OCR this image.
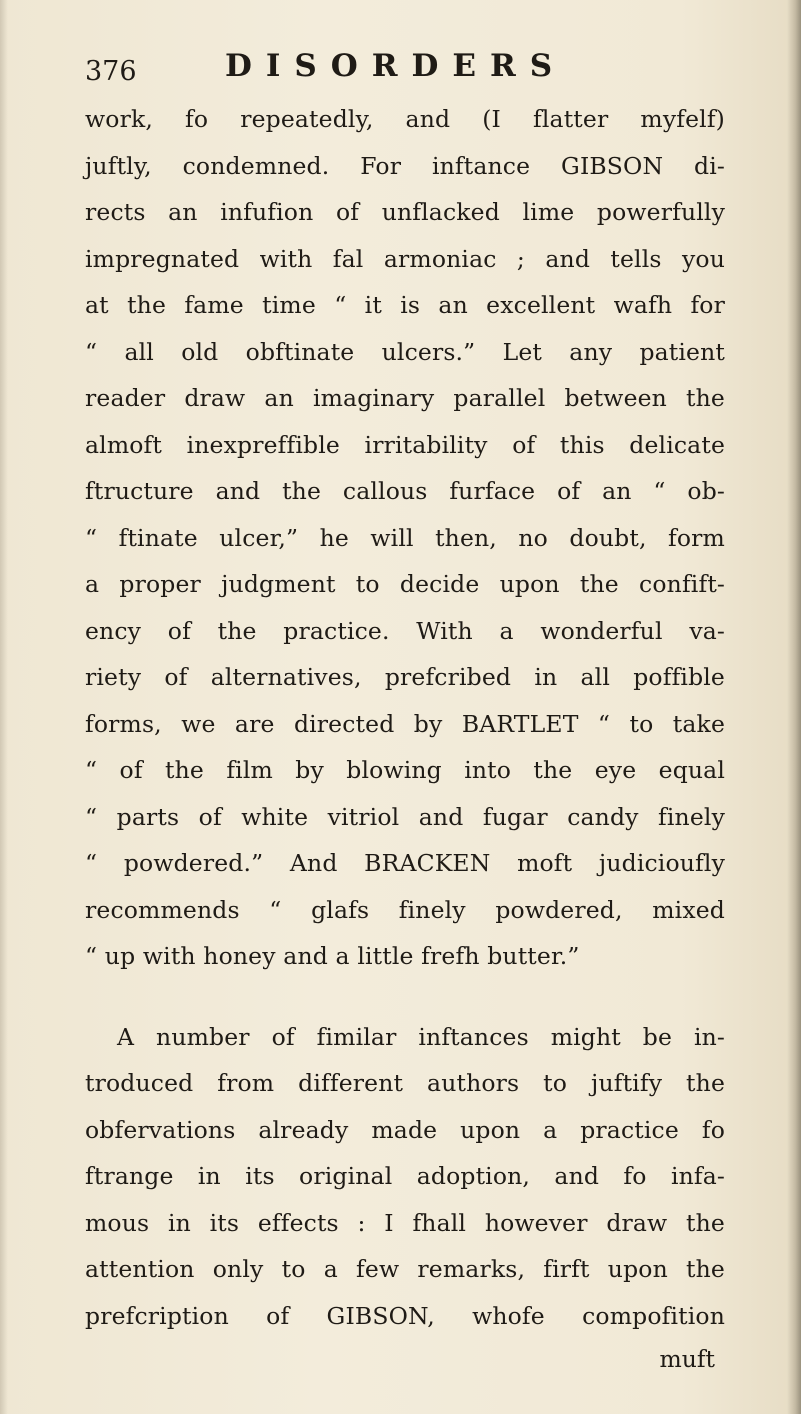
376	DISORDERS
work, fo repeatedly, and (I flatter myfelf)
juftly, condemned. For inftance GIBSON di-
rects an infufion of unflacked lime powerfully
impregnated with fal armoniac ; and tells you
at the fame time “ it is an excellent wafh for
“ all old obftinate ulcers.” Let any patient
reader draw an imaginary parallel between the
almoft inexpreffible irritability of this delicate
ftructure and the callous furface of an “ ob-
“ ftinate ulcer,” he will then, no doubt, form
a proper judgment to decide upon the confift-
ency of the practice. With a wonderful va-
riety of alternatives, prefcribed in all poffible
forms, we are directed by BARTLET “ to take
“ of the film by blowing into the eye equal
“ parts of white vitriol and fugar candy finely
“ powdered.” And BRACKEN moft judicioufly
recommends “ glafs finely powdered, mixed
“ up with honey and a little frefh butter.”
A number of fimilar inftances might be in-
troduced from different authors to juftify the
obfervations already made upon a practice fo
ftrange in its original adoption, and fo infa-
mous in its effects : I fhall however draw the
attention only to a few remarks, firft upon the
prefcription of GIBSON, whofe compofition
muft
